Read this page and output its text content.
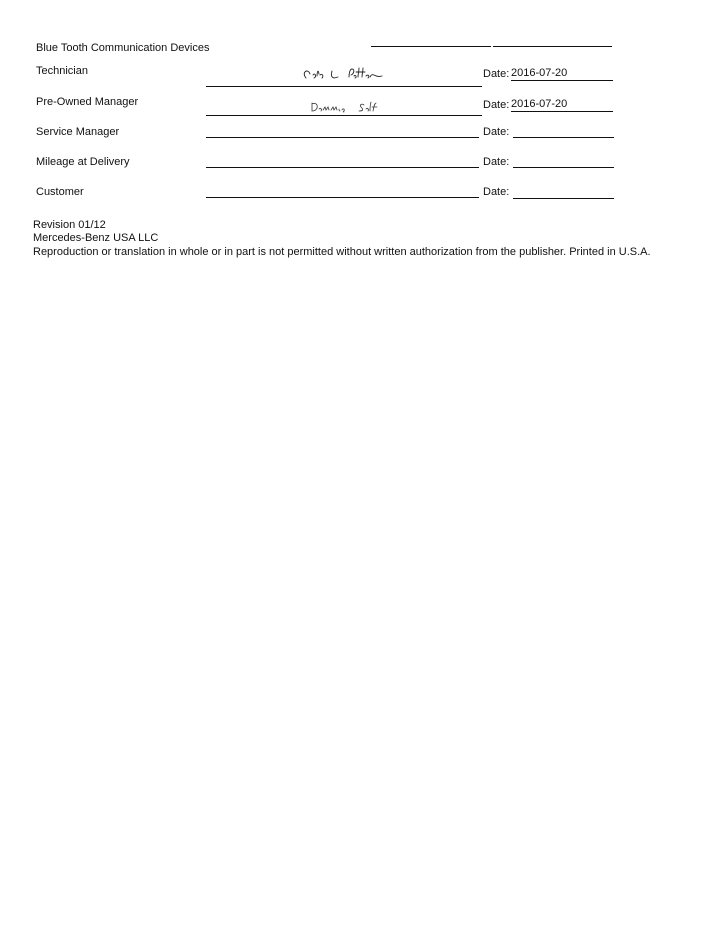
Blue Tooth Communication Devices
Technician	Date: 2016-07-20
Pre-Owned Manager	Date: 2016-07-20
Service Manager	Date:
Mileage at Delivery	Date:
Customer	Date:
Revision 01/12
Mercedes-Benz USA LLC
Reproduction or translation in whole or in part is not permitted without written authorization from the publisher. Printed in U.S.A.
